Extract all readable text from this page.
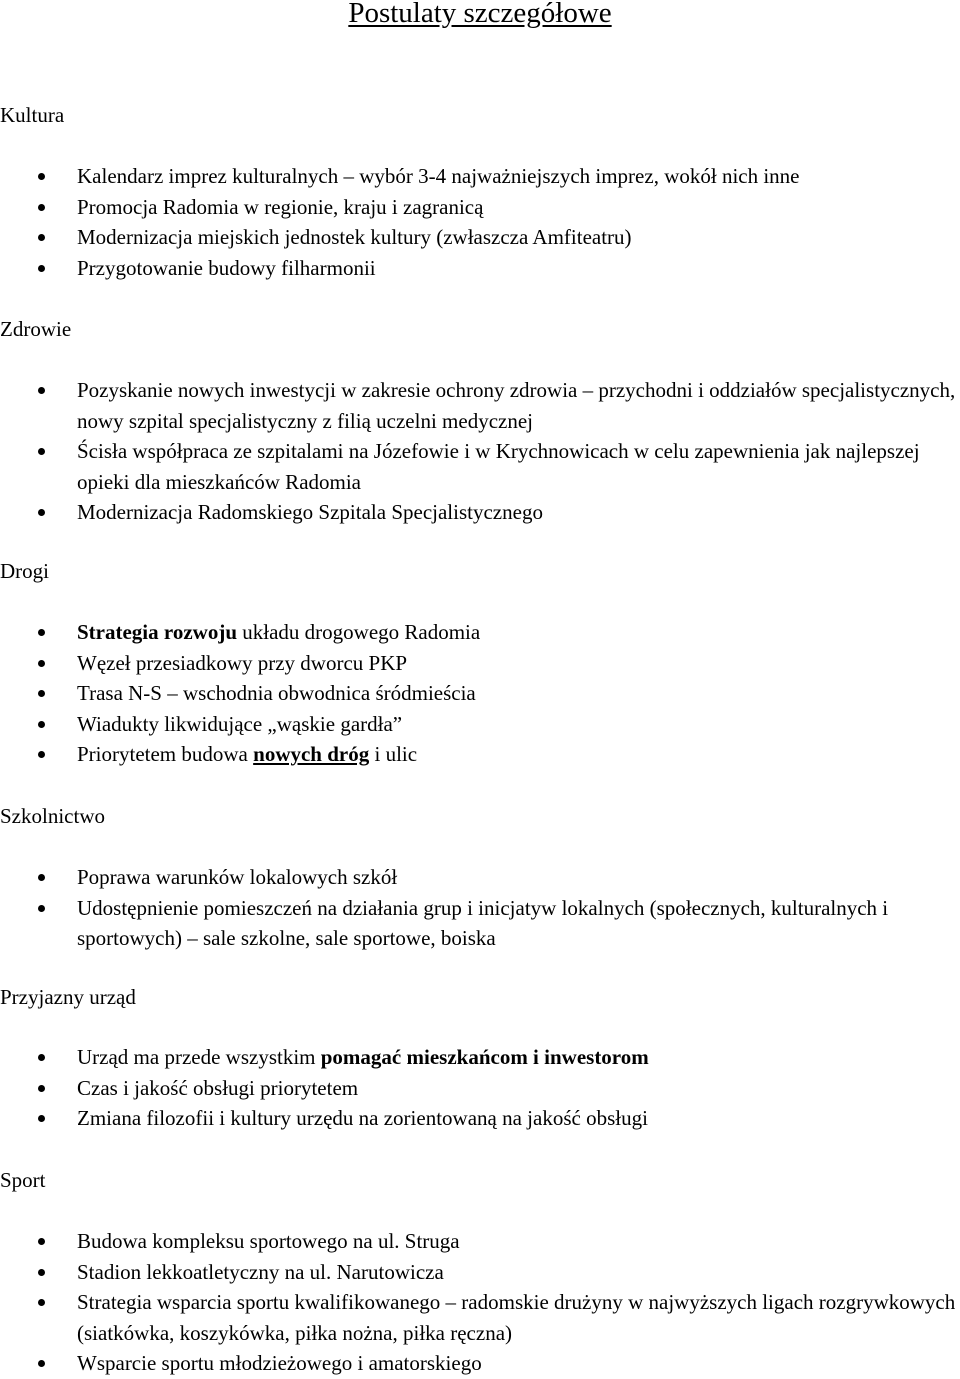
Postulaty szczegółowe
Kultura
Kalendarz imprez kulturalnych – wybór 3-4 najważniejszych imprez, wokół nich inne
Promocja Radomia w regionie, kraju i zagranicą
Modernizacja miejskich jednostek kultury (zwłaszcza Amfiteatru)
Przygotowanie budowy filharmonii
Zdrowie
Pozyskanie nowych inwestycji w zakresie ochrony zdrowia – przychodni i oddziałów specjalistycznych, nowy szpital specjalistyczny z filią uczelni medycznej
Ścisła współpraca ze szpitalami na Józefowie i w Krychnowicach w celu zapewnienia jak najlepszej opieki dla mieszkańców Radomia
Modernizacja Radomskiego Szpitala Specjalistycznego
Drogi
Strategia rozwoju układu drogowego Radomia
Węzeł przesiadkowy przy dworcu PKP
Trasa N-S – wschodnia obwodnica śródmieścia
Wiadukty likwidujące „wąskie gardła”
Priorytetem budowa nowych dróg i ulic
Szkolnictwo
Poprawa warunków lokalowych szkół
Udostępnienie pomieszczeń na działania grup i inicjatyw lokalnych (społecznych, kulturalnych i sportowych) – sale szkolne, sale sportowe, boiska
Przyjazny urząd
Urząd ma przede wszystkim pomagać mieszkańcom i inwestorom
Czas i jakość obsługi priorytetem
Zmiana filozofii i kultury urzędu na zorientowaną na jakość obsługi
Sport
Budowa kompleksu sportowego na ul. Struga
Stadion lekkoatletyczny na ul. Narutowicza
Strategia wsparcia sportu kwalifikowanego – radomskie drużyny w najwyższych ligach rozgrywkowych (siatkówka, koszykówka, piłka nożna, piłka ręczna)
Wsparcie sportu młodzieżowego i amatorskiego
